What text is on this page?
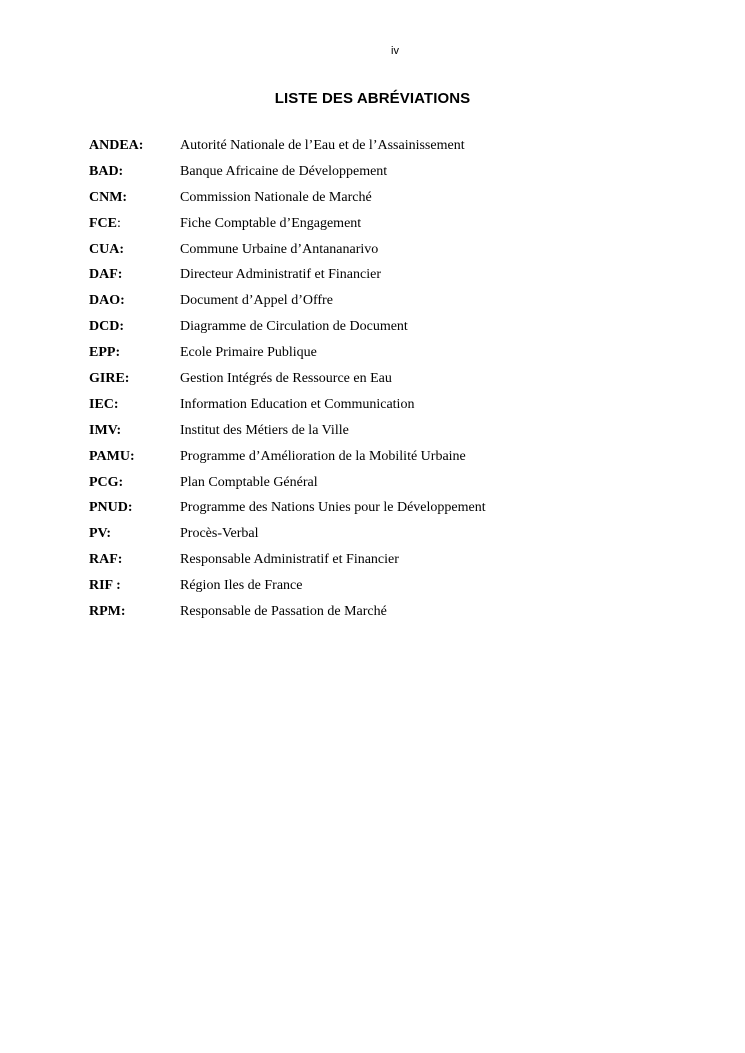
iv
LISTE DES ABRÉVIATIONS
ANDEA:	Autorité Nationale de l’Eau et de l’Assainissement
BAD:	Banque Africaine de Développement
CNM:	Commission Nationale de Marché
FCE:	Fiche Comptable d’Engagement
CUA:	Commune Urbaine d’Antananarivo
DAF:	Directeur Administratif et Financier
DAO:	Document d’Appel d’Offre
DCD:	Diagramme de Circulation de Document
EPP:	Ecole Primaire Publique
GIRE:	Gestion Intégrés de Ressource en Eau
IEC:	Information Education et Communication
IMV:	Institut des Métiers de la Ville
PAMU:	Programme d’Amélioration de la Mobilité Urbaine
PCG:	Plan Comptable Général
PNUD:	Programme des Nations Unies pour le Développement
PV:	Procès-Verbal
RAF:	Responsable Administratif et Financier
RIF :	Région Iles de France
RPM:	Responsable de Passation de Marché
